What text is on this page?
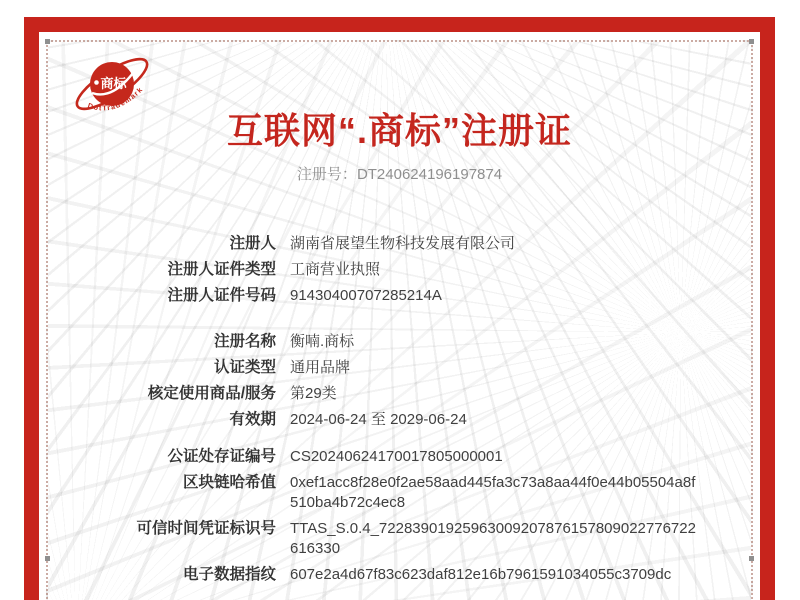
商标
DotTrademark
互联网“.商标”注册证
注册号：DT240624196197874
注册人 湖南省展望生物科技发展有限公司
注册人证件类型 工商营业执照
注册人证件号码 91430400707285214A
注册名称 衡喃.商标
认证类型 通用品牌
核定使用商品/服务 第29类
有效期 2024-06-24 至 2029-06-24
公证处存证编号 CS20240624170017805000001
区块链哈希值 0xef1acc8f28e0f2ae58aad445fa3c73a8aa44f0e44b05504a8f510ba4b72c4ec8
可信时间凭证标识号 TTAS_S.0.4_72283901925963009207876157809022776722616330
电子数据指纹 607e2a4d67f83c623daf812e16b7961591034055c3709dc
